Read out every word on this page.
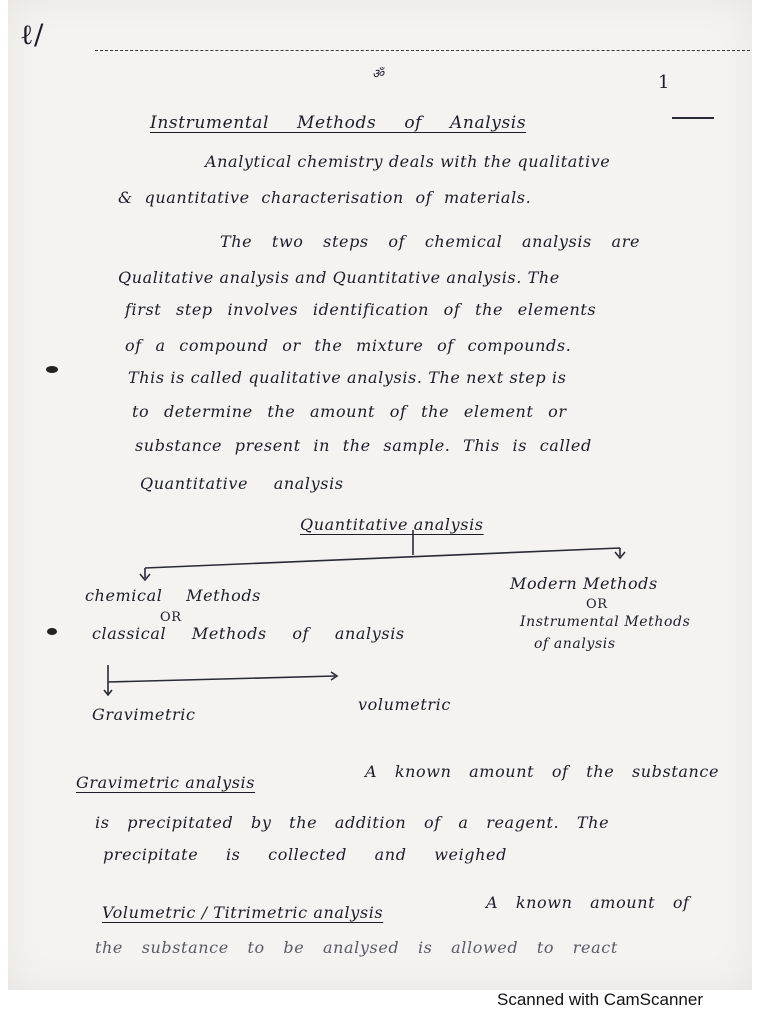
ℓ/
ॐ	1
Instrumental Methods of Analysis
Analytical chemistry deals with the qualitative
& quantitative characterisation of materials.
The two steps of chemical analysis are
Qualitative analysis and Quantitative analysis. The
first step involves identification of the elements
of a compound or the mixture of compounds.
This is called qualitative analysis. The next step is
to determine the amount of the element or
substance present in the sample. This is called
Quantitative analysis
Quantitative analysis
chemical Methods
OR
classical Methods of analysis
Modern Methods
OR
Instrumental Methods
of analysis
Gravimetric
volumetric
Gravimetric analysis
A known amount of the substance
is precipitated by the addition of a reagent. The
precipitate is collected and weighed
Volumetric / Titrimetric analysis
A known amount of
the substance to be analysed is allowed to react
Scanned with CamScanner
